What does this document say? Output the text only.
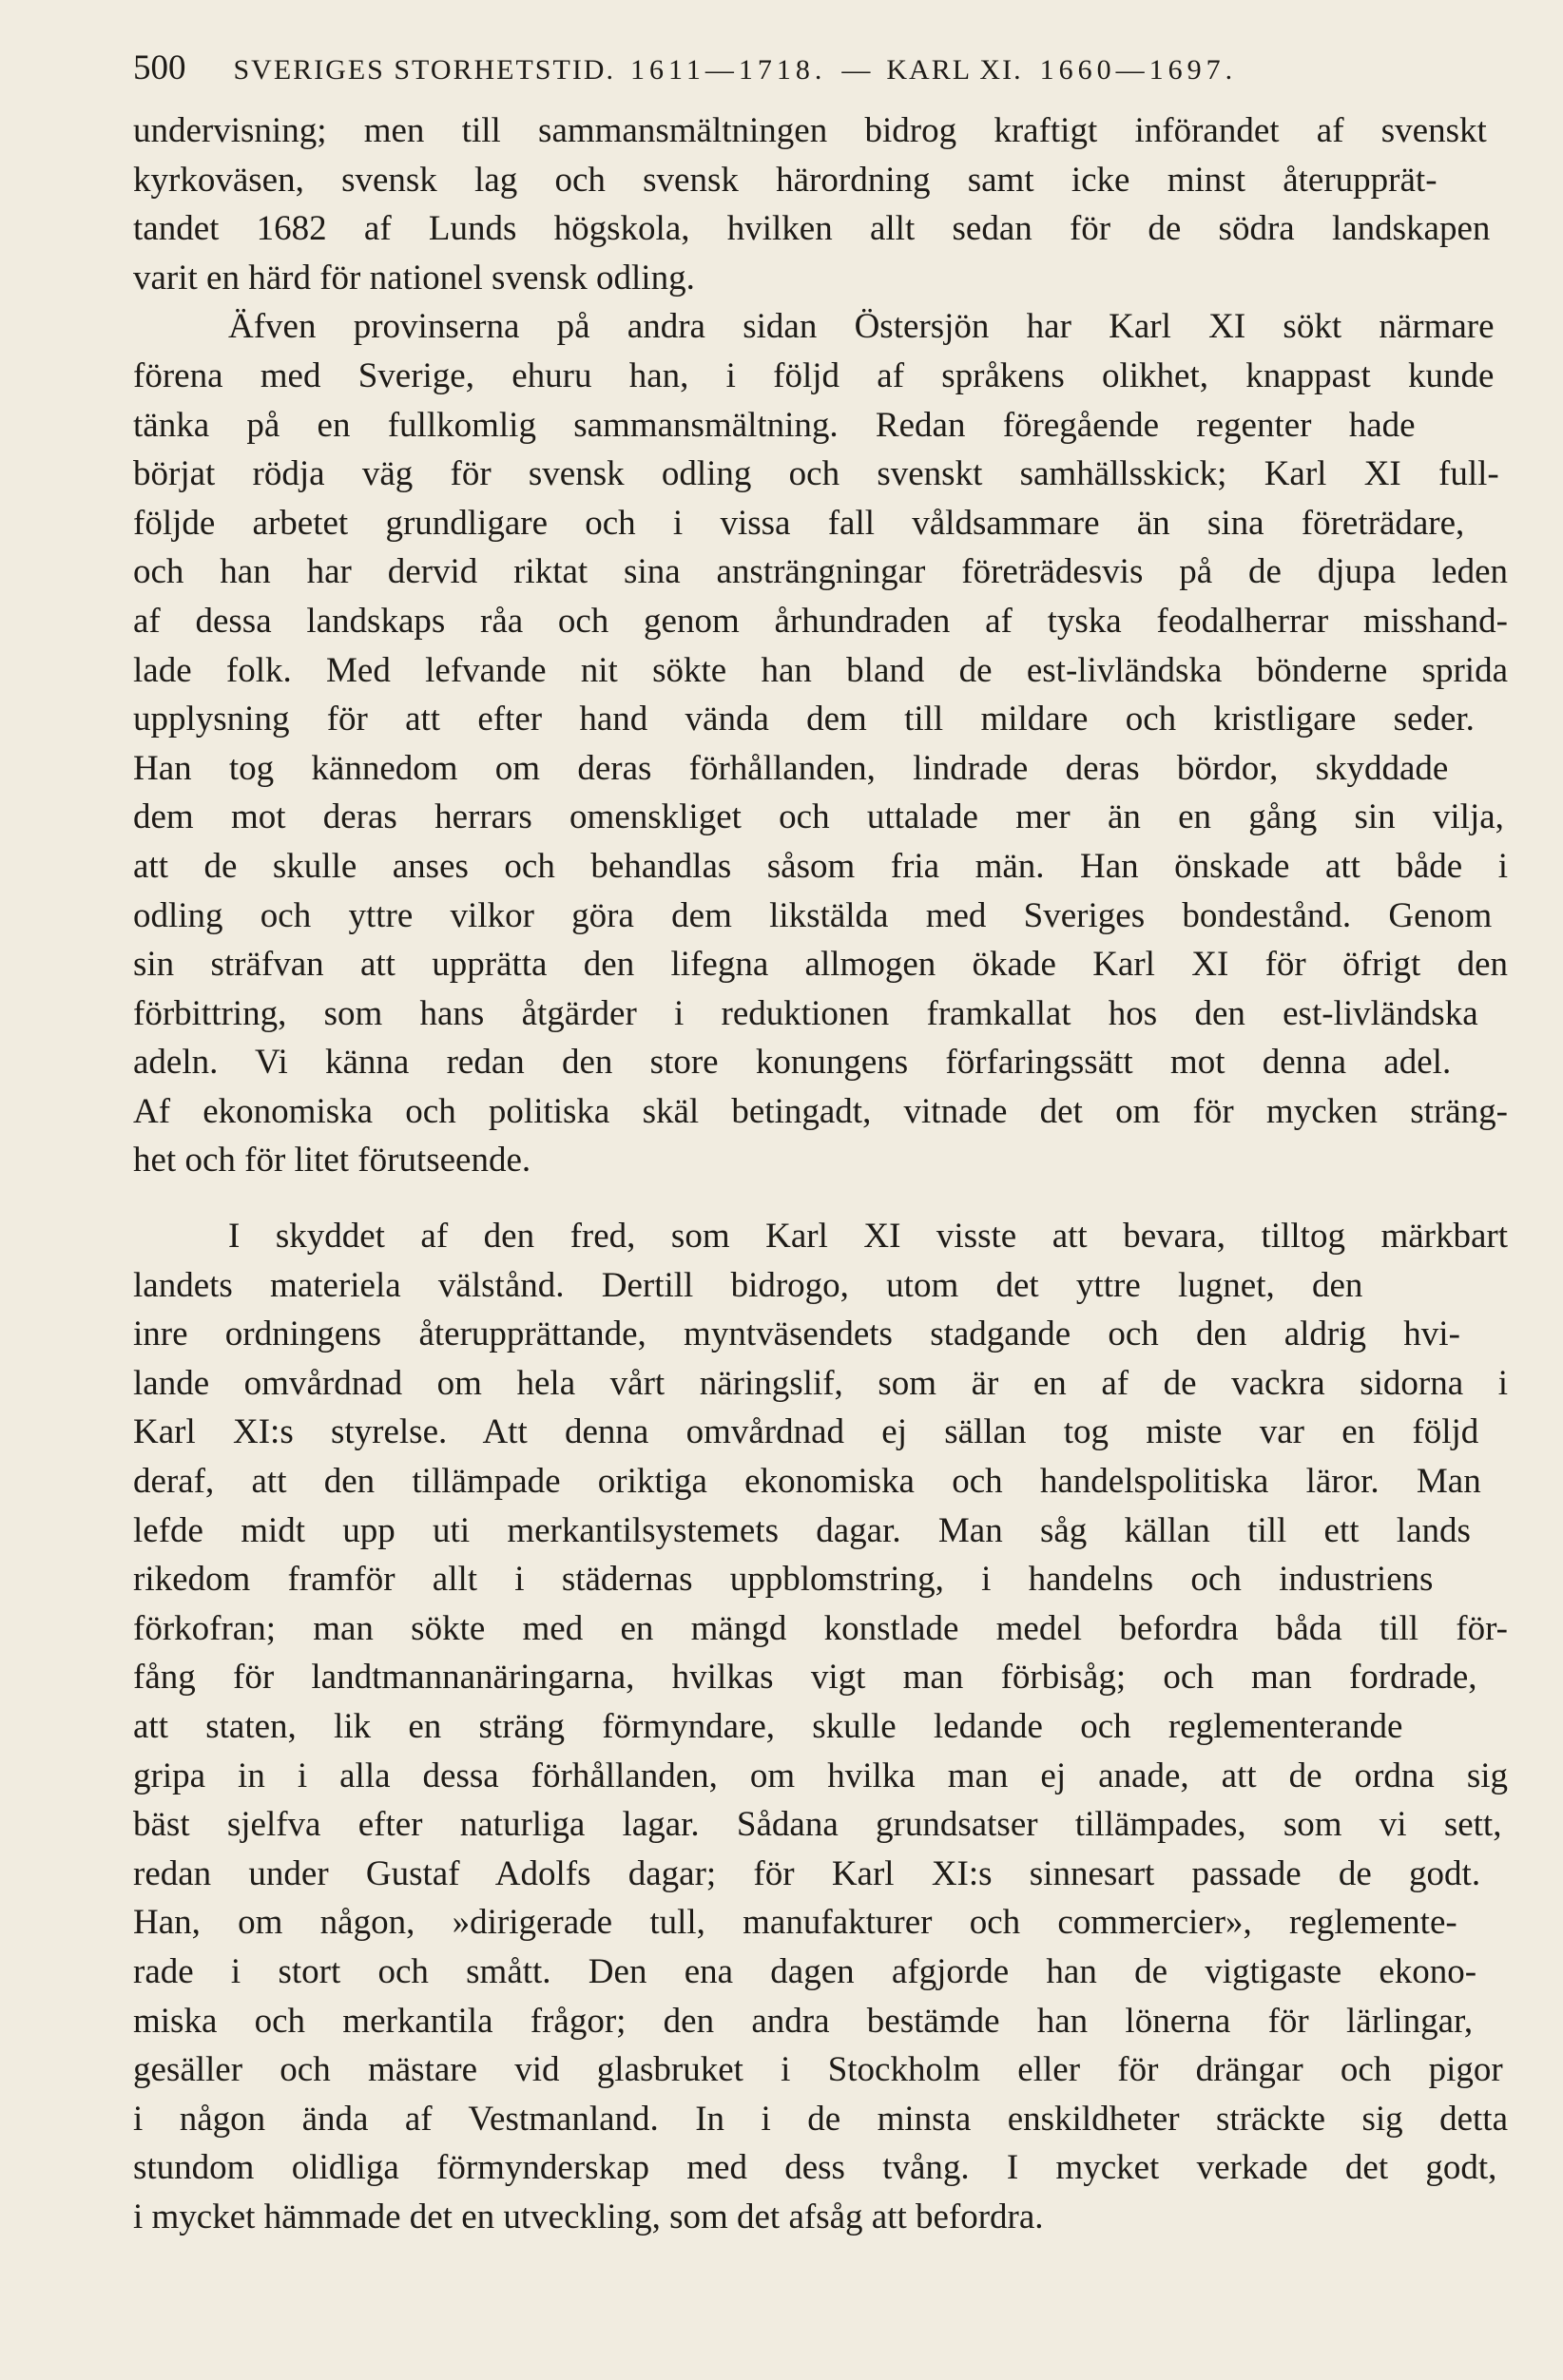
500 SVERIGES STORHETSTID. 1611—1718. — KARL XI. 1660—1697.
undervisning; men till sammansmältningen bidrog kraftigt införandet af svenskt
kyrkoväsen, svensk lag och svensk härordning samt icke minst återupprät-
tandet 1682 af Lunds högskola, hvilken allt sedan för de södra landskapen
varit en härd för nationel svensk odling.
Äfven provinserna på andra sidan Östersjön har Karl XI sökt närmare
förena med Sverige, ehuru han, i följd af språkens olikhet, knappast kunde
tänka på en fullkomlig sammansmältning. Redan föregående regenter hade
börjat rödja väg för svensk odling och svenskt samhällsskick; Karl XI full-
följde arbetet grundligare och i vissa fall våldsammare än sina företrädare,
och han har dervid riktat sina ansträngningar företrädesvis på de djupa leden
af dessa landskaps råa och genom århundraden af tyska feodalherrar misshand-
lade folk. Med lefvande nit sökte han bland de est-livländska bönderne sprida
upplysning för att efter hand vända dem till mildare och kristligare seder.
Han tog kännedom om deras förhållanden, lindrade deras bördor, skyddade
dem mot deras herrars omenskliget och uttalade mer än en gång sin vilja,
att de skulle anses och behandlas såsom fria män. Han önskade att både i
odling och yttre vilkor göra dem likstälda med Sveriges bondestånd. Genom
sin sträfvan att upprätta den lifegna allmogen ökade Karl XI för öfrigt den
förbittring, som hans åtgärder i reduktionen framkallat hos den est-livländska
adeln. Vi känna redan den store konungens förfaringssätt mot denna adel.
Af ekonomiska och politiska skäl betingadt, vitnade det om för mycken sträng-
het och för litet förutseende.
I skyddet af den fred, som Karl XI visste att bevara, tilltog märkbart
landets materiela välstånd. Dertill bidrogo, utom det yttre lugnet, den
inre ordningens återupprättande, myntväsendets stadgande och den aldrig hvi-
lande omvårdnad om hela vårt näringslif, som är en af de vackra sidorna i
Karl XI:s styrelse. Att denna omvårdnad ej sällan tog miste var en följd
deraf, att den tillämpade oriktiga ekonomiska och handelspolitiska läror. Man
lefde midt upp uti merkantilsystemets dagar. Man såg källan till ett lands
rikedom framför allt i städernas uppblomstring, i handelns och industriens
förkofran; man sökte med en mängd konstlade medel befordra båda till för-
fång för landtmannanäringarna, hvilkas vigt man förbisåg; och man fordrade,
att staten, lik en sträng förmyndare, skulle ledande och reglementerande
gripa in i alla dessa förhållanden, om hvilka man ej anade, att de ordna sig
bäst sjelfva efter naturliga lagar. Sådana grundsatser tillämpades, som vi sett,
redan under Gustaf Adolfs dagar; för Karl XI:s sinnesart passade de godt.
Han, om någon, »dirigerade tull, manufakturer och commercier», reglemente-
rade i stort och smått. Den ena dagen afgjorde han de vigtigaste ekono-
miska och merkantila frågor; den andra bestämde han lönerna för lärlingar,
gesäller och mästare vid glasbruket i Stockholm eller för drängar och pigor
i någon ända af Vestmanland. In i de minsta enskildheter sträckte sig detta
stundom olidliga förmynderskap med dess tvång. I mycket verkade det godt,
i mycket hämmade det en utveckling, som det afsåg att befordra.
